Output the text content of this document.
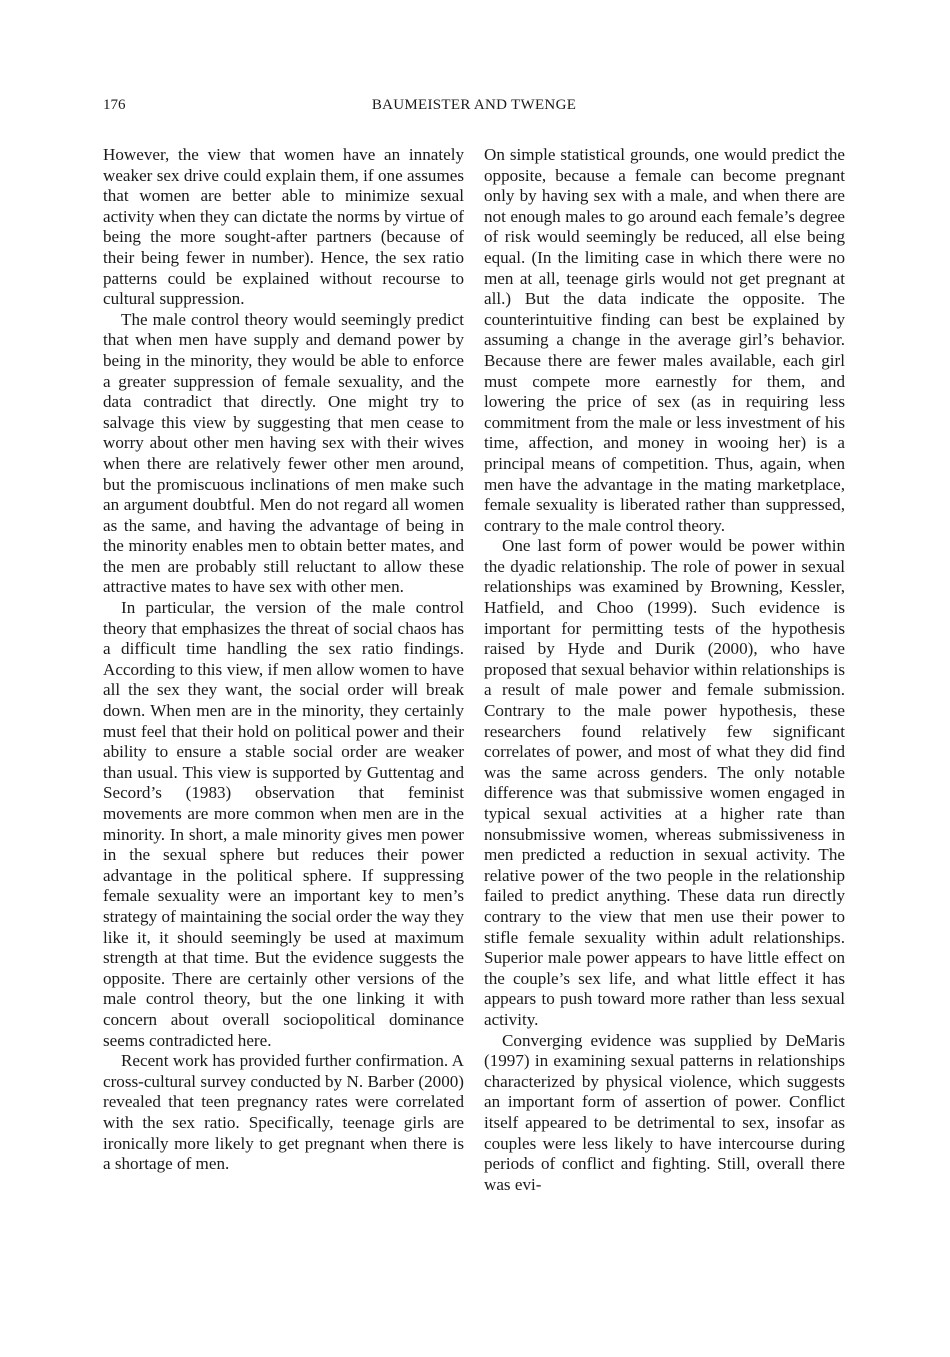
176	BAUMEISTER AND TWENGE

However, the view that women have an innately weaker sex drive could explain them, if one assumes that women are better able to minimize sexual activity when they can dictate the norms by virtue of being the more sought-after partners (because of their being fewer in number). Hence, the sex ratio patterns could be explained without recourse to cultural suppression.

The male control theory would seemingly predict that when men have supply and demand power by being in the minority, they would be able to enforce a greater suppression of female sexuality, and the data contradict that directly. One might try to salvage this view by suggesting that men cease to worry about other men having sex with their wives when there are relatively fewer other men around, but the promiscuous inclinations of men make such an argument doubtful. Men do not regard all women as the same, and having the advantage of being in the minority enables men to obtain better mates, and the men are probably still reluctant to allow these attractive mates to have sex with other men.

In particular, the version of the male control theory that emphasizes the threat of social chaos has a difficult time handling the sex ratio findings. According to this view, if men allow women to have all the sex they want, the social order will break down. When men are in the minority, they certainly must feel that their hold on political power and their ability to ensure a stable social order are weaker than usual. This view is supported by Guttentag and Secord’s (1983) observation that feminist movements are more common when men are in the minority. In short, a male minority gives men power in the sexual sphere but reduces their power advantage in the political sphere. If suppressing female sexuality were an important key to men’s strategy of maintaining the social order the way they like it, it should seemingly be used at maximum strength at that time. But the evidence suggests the opposite. There are certainly other versions of the male control theory, but the one linking it with concern about overall sociopolitical dominance seems contradicted here.

Recent work has provided further confirmation. A cross-cultural survey conducted by N. Barber (2000) revealed that teen pregnancy rates were correlated with the sex ratio. Specifically, teenage girls are ironically more likely to get pregnant when there is a shortage of men.

On simple statistical grounds, one would predict the opposite, because a female can become pregnant only by having sex with a male, and when there are not enough males to go around each female’s degree of risk would seemingly be reduced, all else being equal. (In the limiting case in which there were no men at all, teenage girls would not get pregnant at all.) But the data indicate the opposite. The counterintuitive finding can best be explained by assuming a change in the average girl’s behavior. Because there are fewer males available, each girl must compete more earnestly for them, and lowering the price of sex (as in requiring less commitment from the male or less investment of his time, affection, and money in wooing her) is a principal means of competition. Thus, again, when men have the advantage in the mating marketplace, female sexuality is liberated rather than suppressed, contrary to the male control theory.

One last form of power would be power within the dyadic relationship. The role of power in sexual relationships was examined by Browning, Kessler, Hatfield, and Choo (1999). Such evidence is important for permitting tests of the hypothesis raised by Hyde and Durik (2000), who have proposed that sexual behavior within relationships is a result of male power and female submission. Contrary to the male power hypothesis, these researchers found relatively few significant correlates of power, and most of what they did find was the same across genders. The only notable difference was that submissive women engaged in typical sexual activities at a higher rate than nonsubmissive women, whereas submissiveness in men predicted a reduction in sexual activity. The relative power of the two people in the relationship failed to predict anything. These data run directly contrary to the view that men use their power to stifle female sexuality within adult relationships. Superior male power appears to have little effect on the couple’s sex life, and what little effect it has appears to push toward more rather than less sexual activity.

Converging evidence was supplied by DeMaris (1997) in examining sexual patterns in relationships characterized by physical violence, which suggests an important form of assertion of power. Conflict itself appeared to be detrimental to sex, insofar as couples were less likely to have intercourse during periods of conflict and fighting. Still, overall there was evi-
